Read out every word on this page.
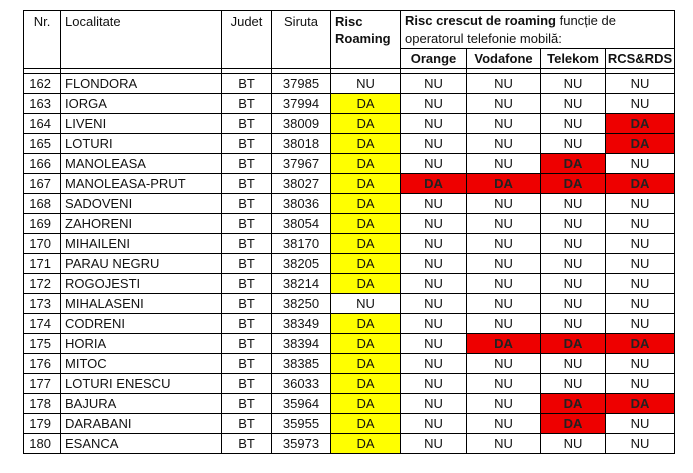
Nr.	Localitate	Judet	Siruta	Risc Roaming	Risc crescut de roaming funcție de operatorul telefonie mobilă:			
					Orange	Vodafone	Telekom	RCS&RDS

162	FLONDORA	BT	37985	NU	NU	NU	NU	NU
163	IORGA	BT	37994	DA	NU	NU	NU	NU
164	LIVENI	BT	38009	DA	NU	NU	NU	DA
165	LOTURI	BT	38018	DA	NU	NU	NU	DA
166	MANOLEASA	BT	37967	DA	NU	NU	DA	NU
167	MANOLEASA-PRUT	BT	38027	DA	DA	DA	DA	DA
168	SADOVENI	BT	38036	DA	NU	NU	NU	NU
169	ZAHORENI	BT	38054	DA	NU	NU	NU	NU
170	MIHAILENI	BT	38170	DA	NU	NU	NU	NU
171	PARAU NEGRU	BT	38205	DA	NU	NU	NU	NU
172	ROGOJESTI	BT	38214	DA	NU	NU	NU	NU
173	MIHALASENI	BT	38250	NU	NU	NU	NU	NU
174	CODRENI	BT	38349	DA	NU	NU	NU	NU
175	HORIA	BT	38394	DA	NU	DA	DA	DA
176	MITOC	BT	38385	DA	NU	NU	NU	NU
177	LOTURI ENESCU	BT	36033	DA	NU	NU	NU	NU
178	BAJURA	BT	35964	DA	NU	NU	DA	DA
179	DARABANI	BT	35955	DA	NU	NU	DA	NU
180	ESANCA	BT	35973	DA	NU	NU	NU	NU
